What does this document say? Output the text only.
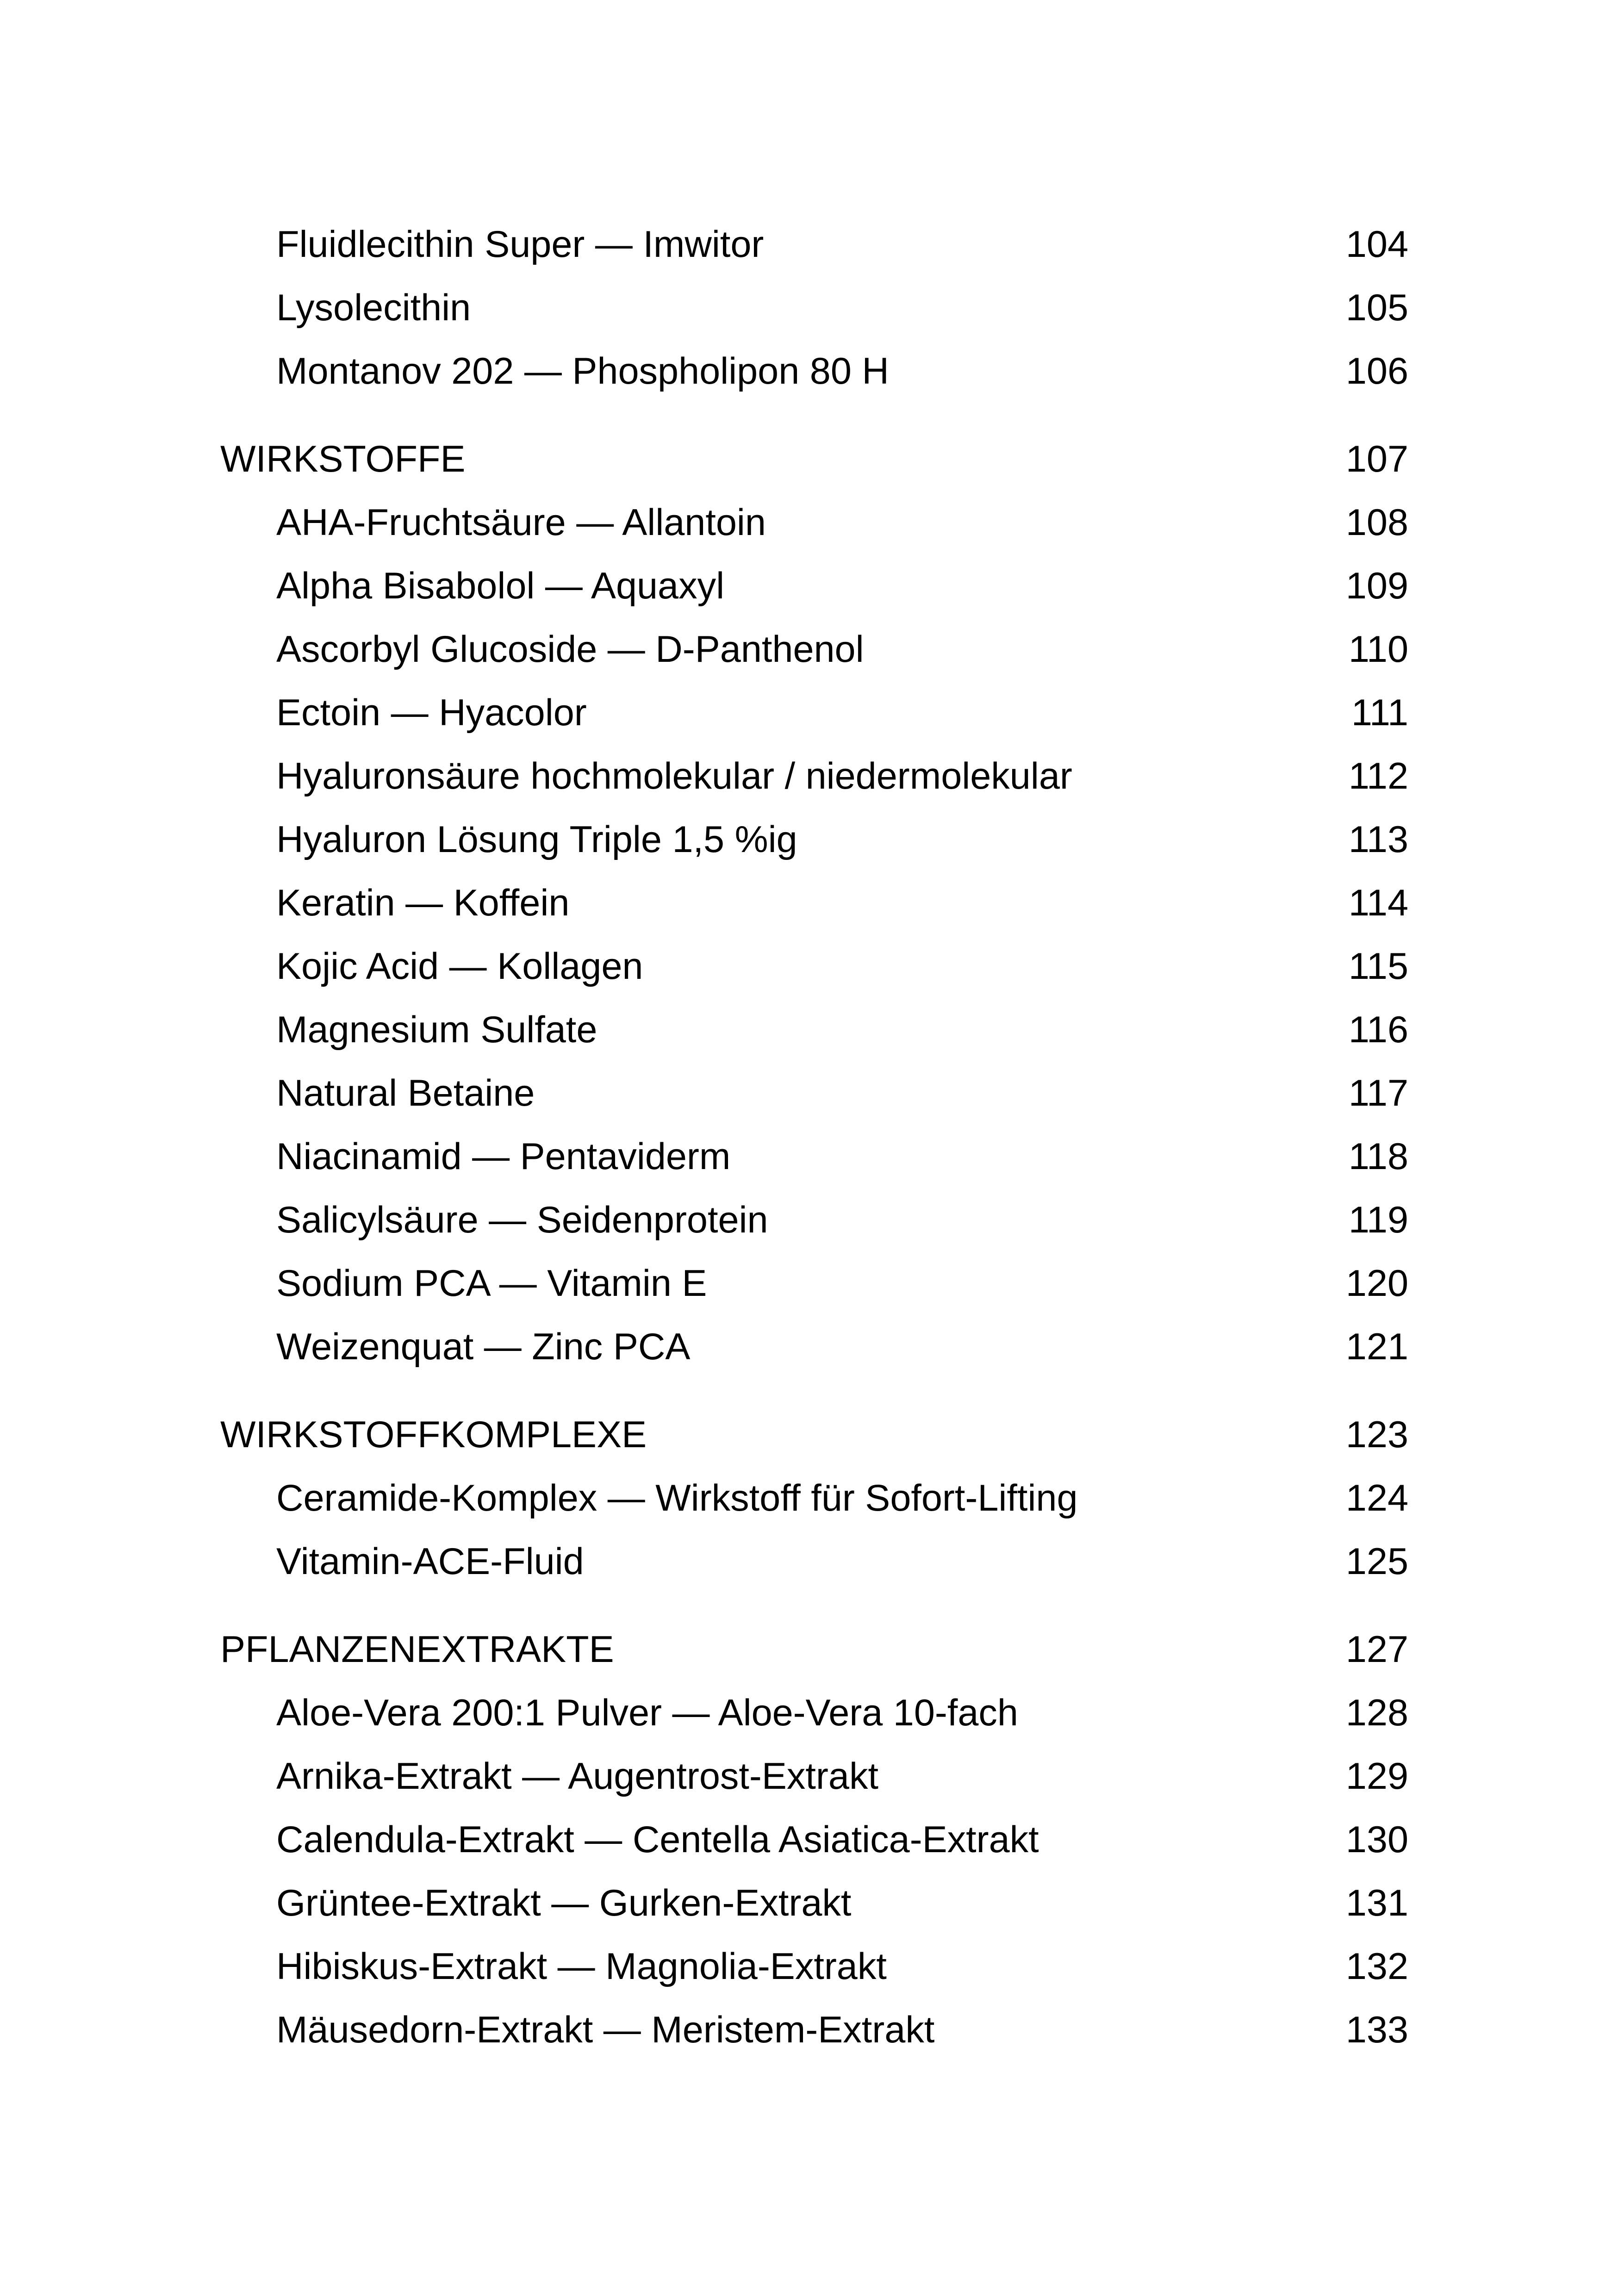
Fluidlecithin Super — Imwitor	104
Lysolecithin	105
Montanov 202 — Phospholipon 80 H	106
WIRKSTOFFE	107
AHA-Fruchtsäure — Allantoin	108
Alpha Bisabolol — Aquaxyl	109
Ascorbyl Glucoside — D-Panthenol	110
Ectoin — Hyacolor	111
Hyaluronsäure hochmolekular / niedermolekular	112
Hyaluron Lösung Triple 1,5 %ig	113
Keratin — Koffein	114
Kojic Acid — Kollagen	115
Magnesium Sulfate	116
Natural Betaine	117
Niacinamid — Pentaviderm	118
Salicylsäure — Seidenprotein	119
Sodium PCA — Vitamin E	120
Weizenquat — Zinc PCA	121
WIRKSTOFFKOMPLEXE	123
Ceramide-Komplex — Wirkstoff für Sofort-Lifting	124
Vitamin-ACE-Fluid	125
PFLANZENEXTRAKTE	127
Aloe-Vera 200:1 Pulver — Aloe-Vera 10-fach	128
Arnika-Extrakt — Augentrost-Extrakt	129
Calendula-Extrakt — Centella Asiatica-Extrakt	130
Grüntee-Extrakt — Gurken-Extrakt	131
Hibiskus-Extrakt — Magnolia-Extrakt	132
Mäusedorn-Extrakt — Meristem-Extrakt	133
